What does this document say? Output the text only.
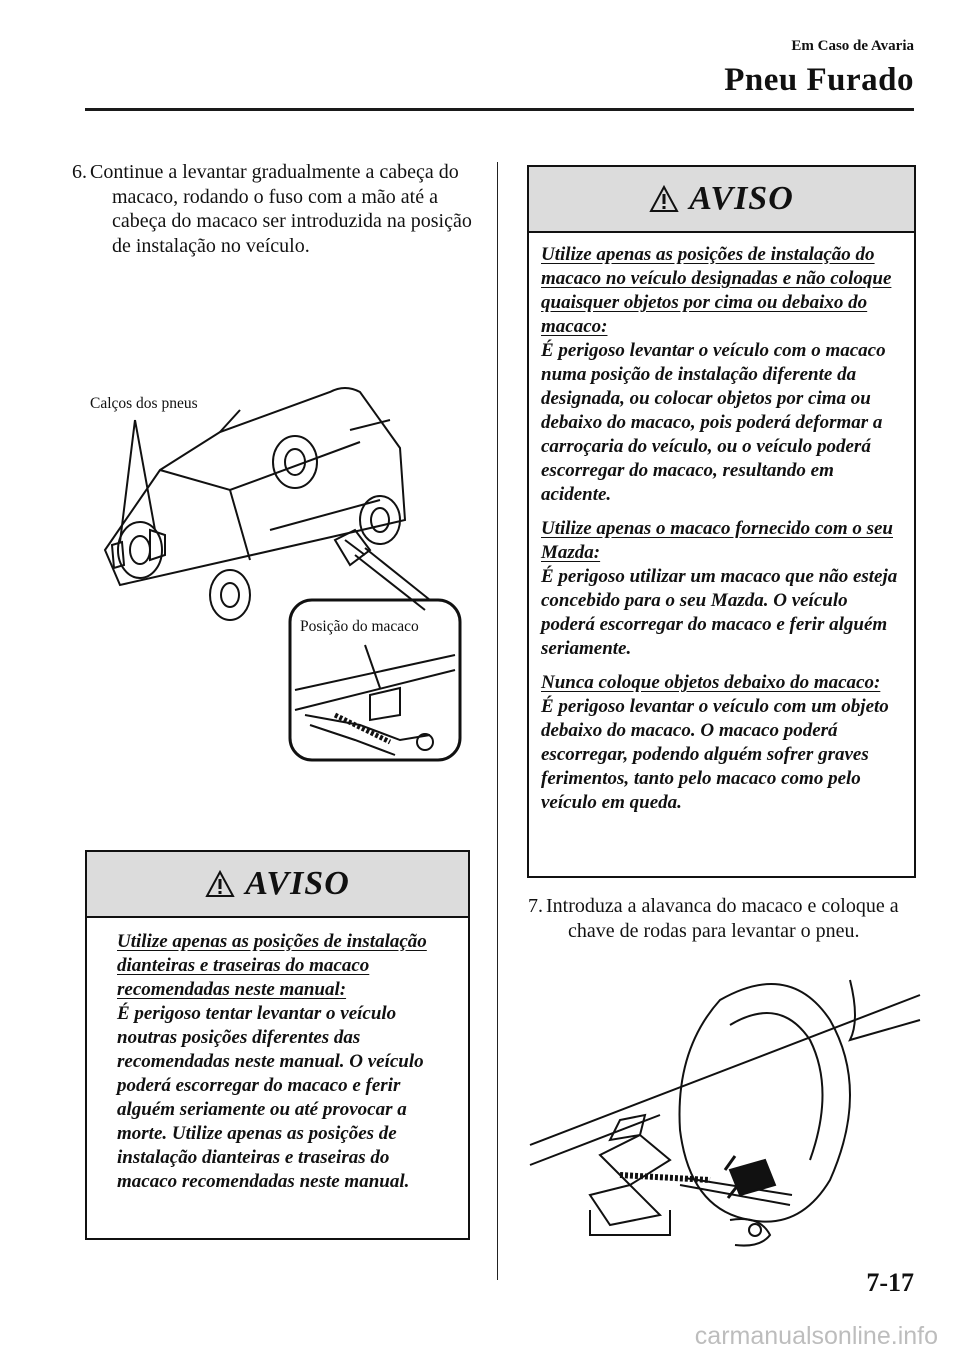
Em Caso de Avaria
Pneu Furado
6. Continue a levantar gradualmente a cabeça do macaco, rodando o fuso com a mão até a cabeça do macaco ser introduzida na posição de instalação no veículo.
Calços dos pneus
Posição do macaco
AVISO

Utilize apenas as posições de instalação dianteiras e traseiras do macaco recomendadas neste manual:
É perigoso tentar levantar o veículo noutras posições diferentes das recomendadas neste manual. O veículo poderá escorregar do macaco e ferir alguém seriamente ou até provocar a morte. Utilize apenas as posições de instalação dianteiras e traseiras do macaco recomendadas neste manual.

AVISO

Utilize apenas as posições de instalação do macaco no veículo designadas e não coloque quaisquer objetos por cima ou debaixo do macaco:
É perigoso levantar o veículo com o macaco numa posição de instalação diferente da designada, ou colocar objetos por cima ou debaixo do macaco, pois poderá deformar a carroçaria do veículo, ou o veículo poderá escorregar do macaco, resultando em acidente.

Utilize apenas o macaco fornecido com o seu Mazda:
É perigoso utilizar um macaco que não esteja concebido para o seu Mazda. O veículo poderá escorregar do macaco e ferir alguém seriamente.

Nunca coloque objetos debaixo do macaco:
É perigoso levantar o veículo com um objeto debaixo do macaco. O macaco poderá escorregar, podendo alguém sofrer graves ferimentos, tanto pelo macaco como pelo veículo em queda.

7. Introduza a alavanca do macaco e coloque a chave de rodas para levantar o pneu.
7-17
carmanualsonline.info
